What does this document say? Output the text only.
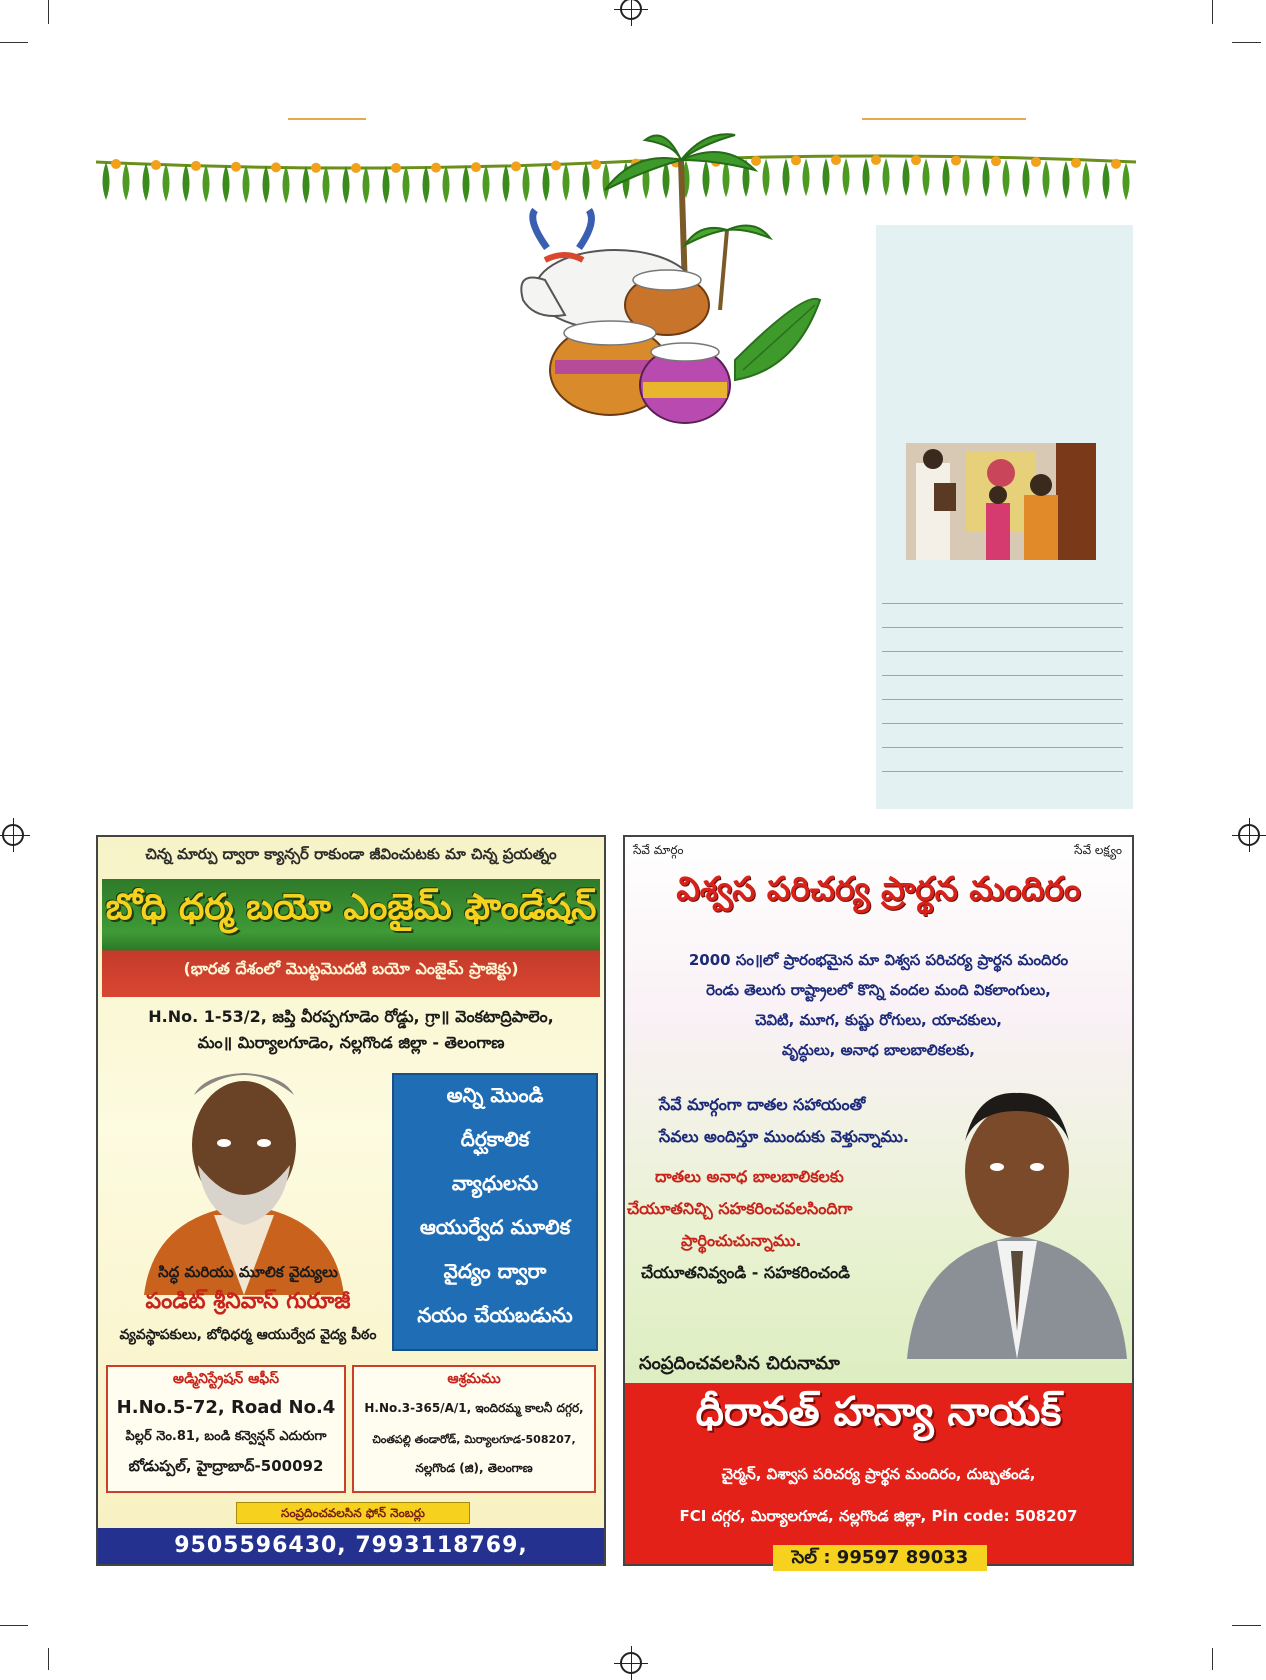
చిన్న మార్పు ద్వారా క్యాన్సర్ రాకుండా జీవించుటకు మా చిన్న ప్రయత్నం
బోధి ధర్మ బయో ఎంజైమ్ ఫౌండేషన్
(భారత దేశంలో మొట్టమొదటి బయో ఎంజైమ్ ప్రాజెక్టు)
H.No. 1-53/2, జప్తి వీరప్పగూడెం రోడ్డు, గ్రా॥ వెంకటాద్రిపాలెం,
మం॥ మిర్యాలగూడెం, నల్లగొండ జిల్లా - తెలంగాణ
అన్ని మొండి
దీర్ఘకాలిక
వ్యాధులను
ఆయుర్వేద మూలిక
వైద్యం ద్వారా
నయం చేయబడును
సిద్ధ మరియు మూలిక వైద్యులు
పండిట్ శ్రీనివాస్ గురూజీ
వ్యవస్థాపకులు, బోధిధర్మ ఆయుర్వేద వైద్య పీఠం
అడ్మినిస్ట్రేషన్ ఆఫీస్
H.No.5-72, Road No.4
పిల్లర్ నెం.81, బండి కన్వెన్షన్ ఎదురుగా
బోడుప్పల్, హైద్రాబాద్-500092
ఆశ్రమము
H.No.3-365/A/1, ఇందిరమ్మ కాలనీ దగ్గర,
చింతపల్లి తండారోడ్, మిర్యాలగూడ-508207,
నల్లగొండ (జి), తెలంగాణ
సంప్రదించవలసిన ఫోన్ నెంబర్లు
9505596430, 7993118769, 8688820662
సేవే మార్గం	సేవే లక్ష్యం
విశ్వస పరిచర్య ప్రార్థన మందిరం
2000 సం॥లో ప్రారంభమైన మా విశ్వస పరిచర్య ప్రార్థన మందిరం
రెండు తెలుగు రాష్ట్రాలలో కొన్ని వందల మంది వికలాంగులు,
చెవిటి, మూగ, కుష్టు రోగులు, యాచకులు,
వృద్ధులు, అనాధ బాలబాలికలకు,
సేవే మార్గంగా దాతల సహాయంతో
సేవలు అందిస్తూ ముందుకు వెళ్తున్నాము.
దాతలు అనాధ బాలబాలికలకు
చేయూతనిచ్చి సహకరించవలసిందిగా
ప్రార్థించుచున్నాము.
చేయూతనివ్వండి - సహకరించండి
సంప్రదించవలసిన చిరునామా
ధీరావత్ హన్యా నాయక్
చైర్మన్, విశ్వాస పరిచర్య ప్రార్థన మందిరం, దుబ్బతండ,
FCI దగ్గర, మిర్యాలగూడ, నల్లగొండ జిల్లా, Pin code: 508207
సెల్ : 99597 89033
